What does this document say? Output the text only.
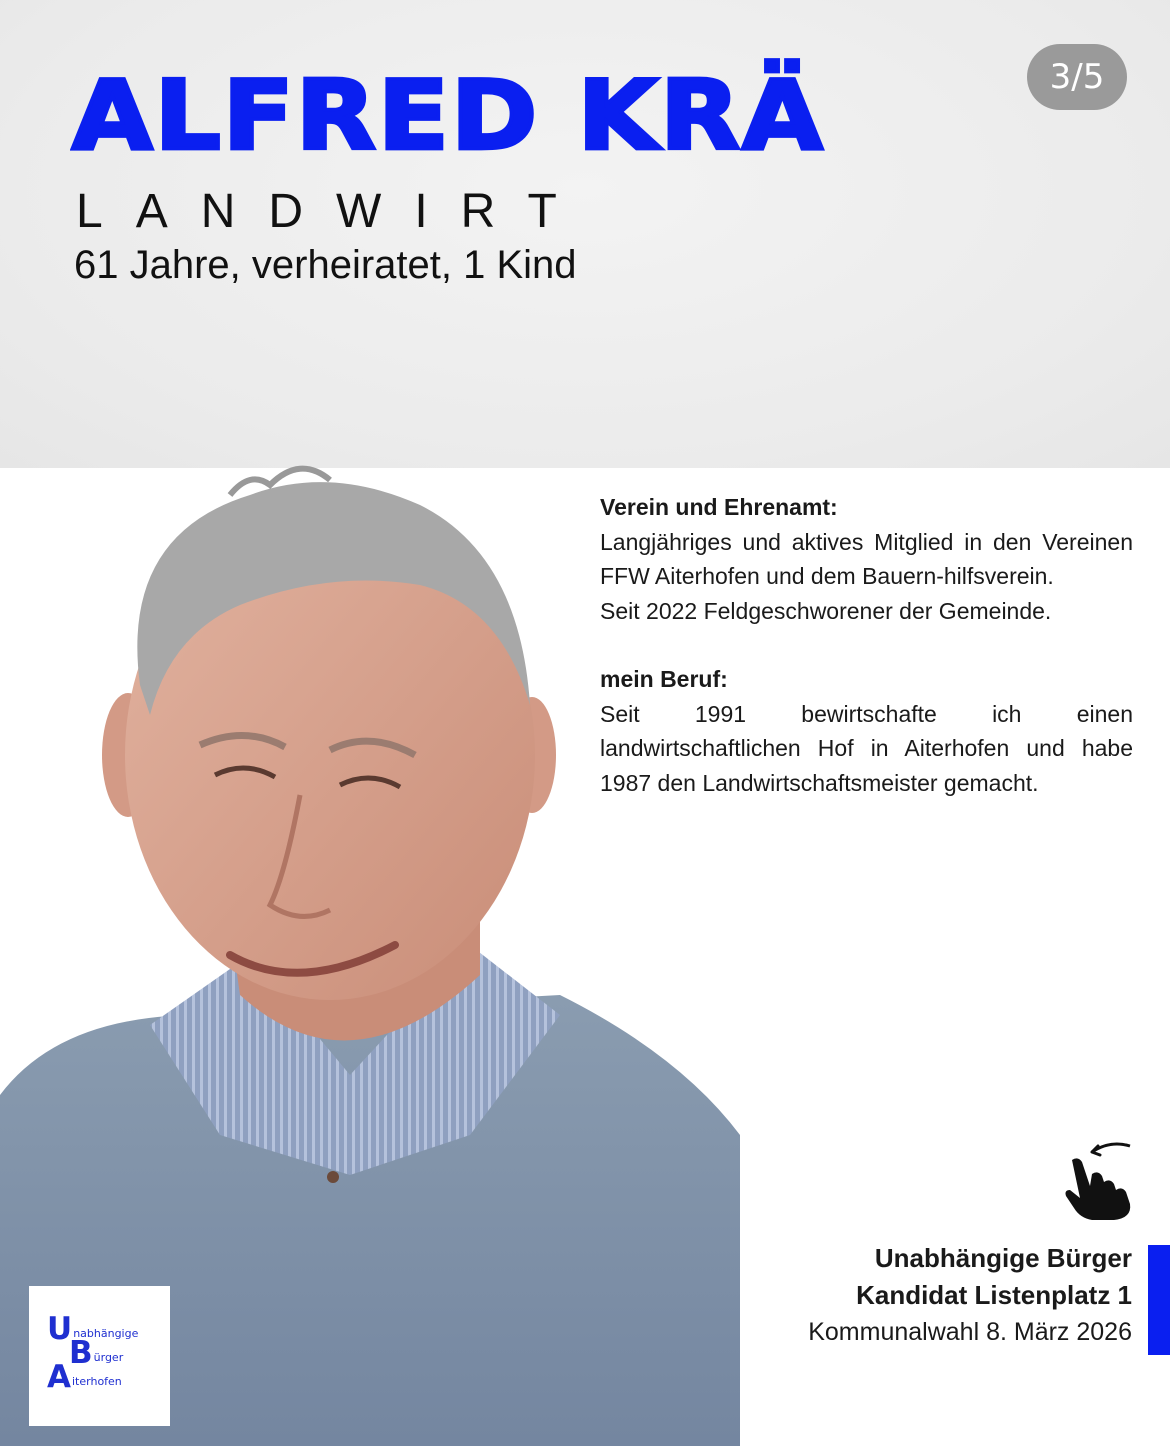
3/5
ALFRED KRÄ
LANDWIRT
61 Jahre, verheiratet, 1 Kind
Verein und Ehrenamt:
Langjähriges und aktives Mitglied in den Vereinen FFW Aiterhofen und dem Bauern-hilfsverein.
Seit 2022 Feldgeschworener der Gemeinde.
mein Beruf:
Seit 1991 bewirtschafte ich einen landwirtschaftlichen Hof in Aiterhofen und habe 1987 den Landwirtschaftsmeister gemacht.
Unabhängige Bürger
Kandidat Listenplatz 1
Kommunalwahl 8. März 2026
U nabhängige
B ürger
A iterhofen
